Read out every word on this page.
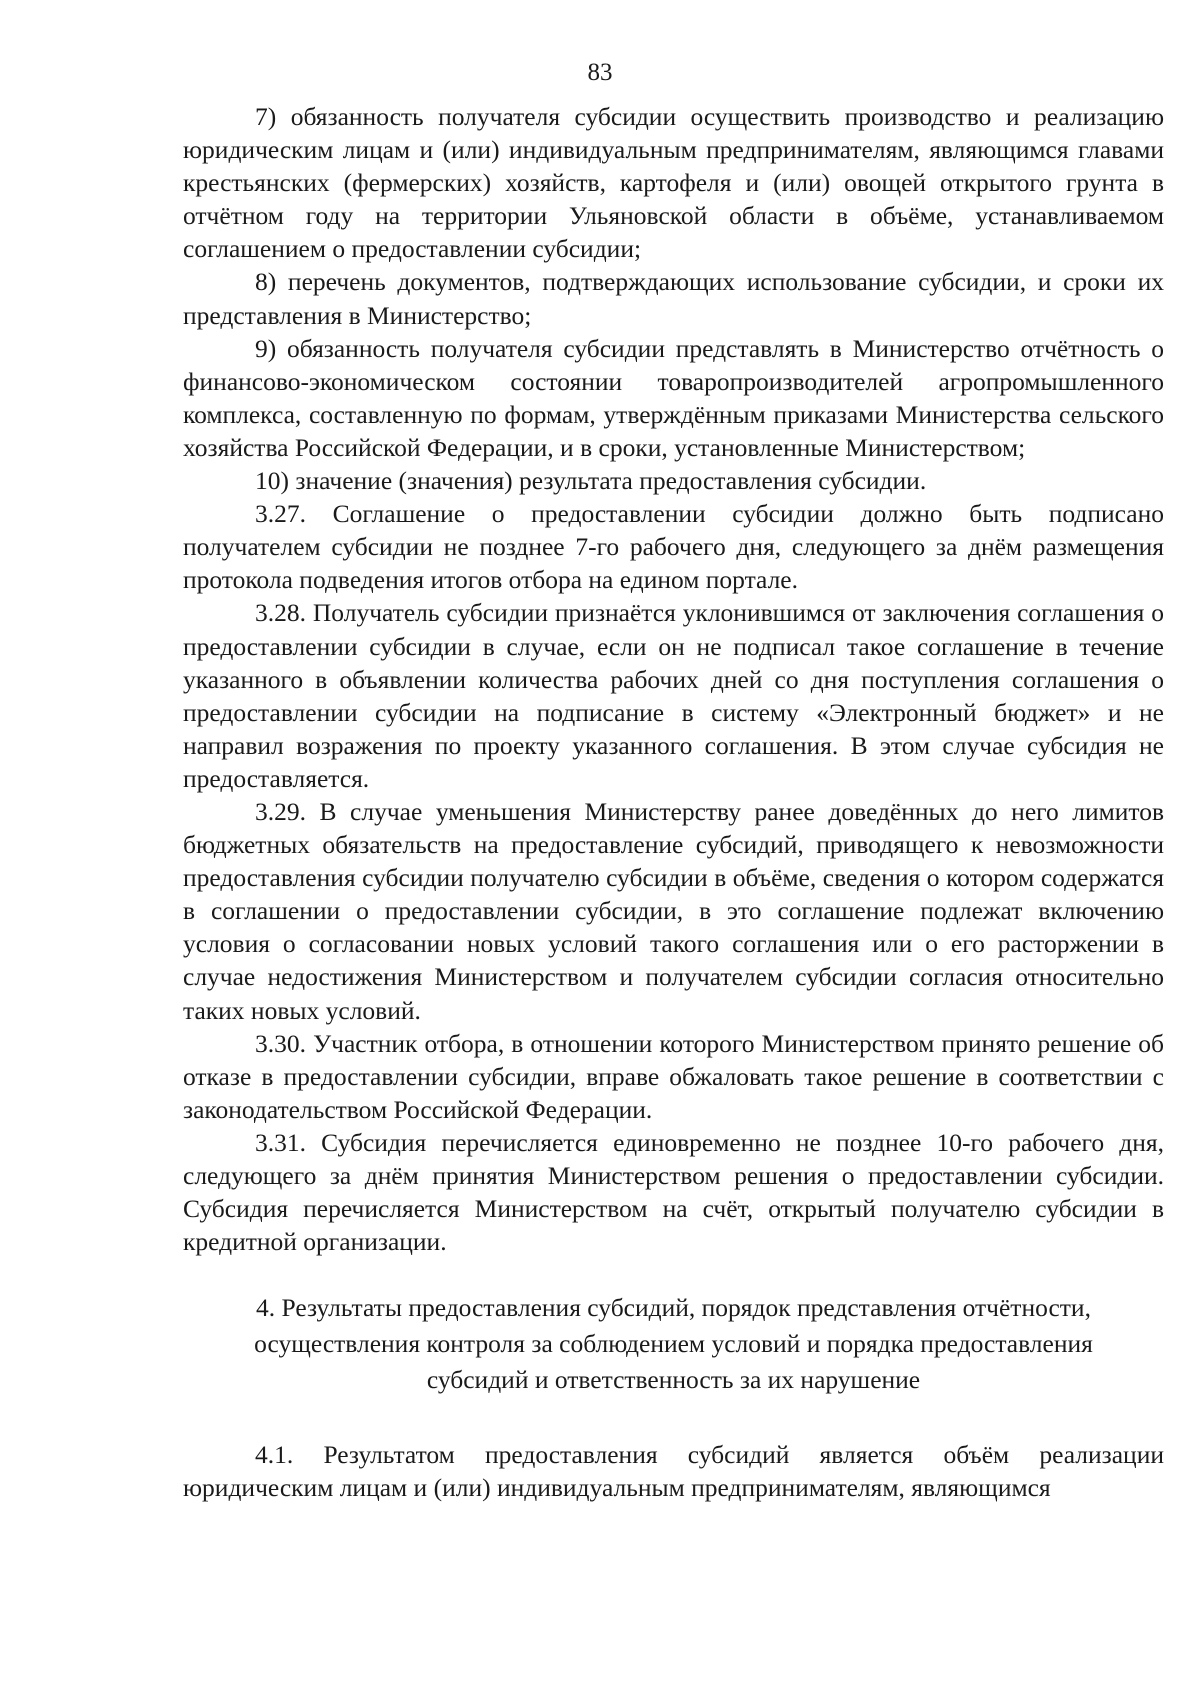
83

7) обязанность получателя субсидии осуществить производство и реализацию юридическим лицам и (или) индивидуальным предпринимателям, являющимся главами крестьянских (фермерских) хозяйств, картофеля и (или) овощей открытого грунта в отчётном году на территории Ульяновской области в объёме, устанавливаемом соглашением о предоставлении субсидии;

8) перечень документов, подтверждающих использование субсидии, и сроки их представления в Министерство;

9) обязанность получателя субсидии представлять в Министерство отчётность о финансово-экономическом состоянии товаропроизводителей агропромышленного комплекса, составленную по формам, утверждённым приказами Министерства сельского хозяйства Российской Федерации, и в сроки, установленные Министерством;

10) значение (значения) результата предоставления субсидии.

3.27. Соглашение о предоставлении субсидии должно быть подписано получателем субсидии не позднее 7-го рабочего дня, следующего за днём размещения протокола подведения итогов отбора на едином портале.

3.28. Получатель субсидии признаётся уклонившимся от заключения соглашения о предоставлении субсидии в случае, если он не подписал такое соглашение в течение указанного в объявлении количества рабочих дней со дня поступления соглашения о предоставлении субсидии на подписание в систему «Электронный бюджет» и не направил возражения по проекту указанного соглашения. В этом случае субсидия не предоставляется.

3.29. В случае уменьшения Министерству ранее доведённых до него лимитов бюджетных обязательств на предоставление субсидий, приводящего к невозможности предоставления субсидии получателю субсидии в объёме, сведения о котором содержатся в соглашении о предоставлении субсидии, в это соглашение подлежат включению условия о согласовании новых условий такого соглашения или о его расторжении в случае недостижения Министерством и получателем субсидии согласия относительно таких новых условий.

3.30. Участник отбора, в отношении которого Министерством принято решение об отказе в предоставлении субсидии, вправе обжаловать такое решение в соответствии с законодательством Российской Федерации.

3.31. Субсидия перечисляется единовременно не позднее 10-го рабочего дня, следующего за днём принятия Министерством решения о предоставлении субсидии. Субсидия перечисляется Министерством на счёт, открытый получателю субсидии в кредитной организации.

4. Результаты предоставления субсидий, порядок представления отчётности,
осуществления контроля за соблюдением условий и порядка предоставления
субсидий и ответственность за их нарушение

4.1. Результатом предоставления субсидий является объём реализации юридическим лицам и (или) индивидуальным предпринимателям, являющимся
